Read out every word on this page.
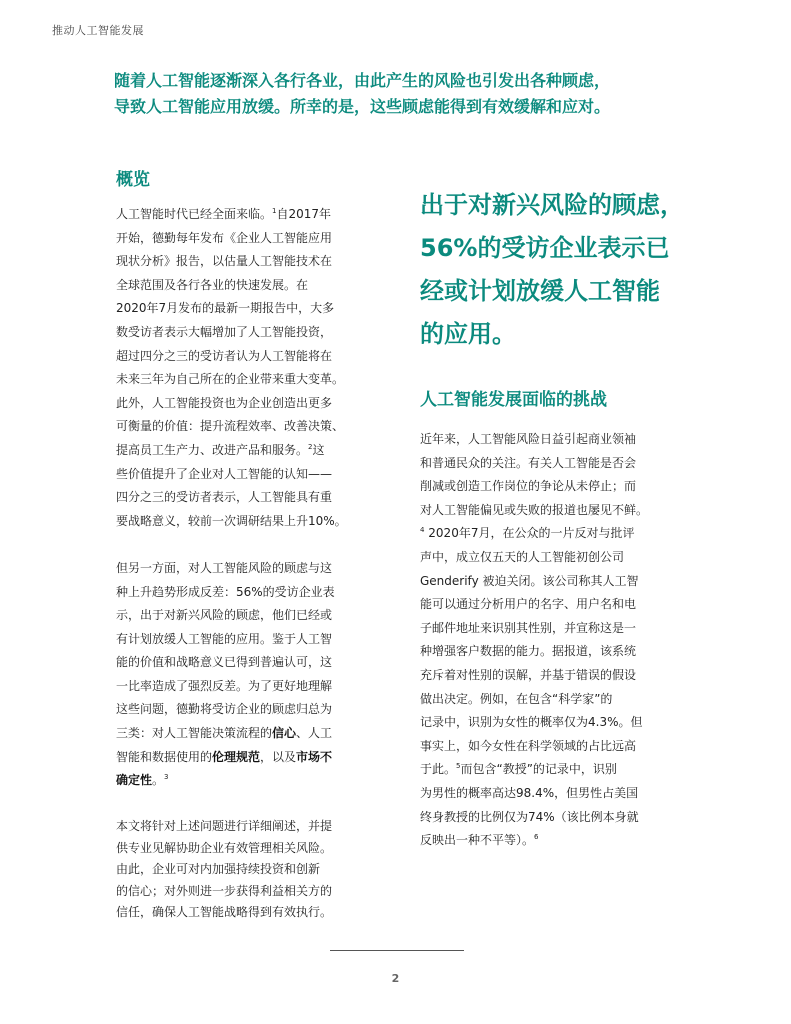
推动人工智能发展
随着人工智能逐渐深入各行各业，由此产生的风险也引发出各种顾虑，
导致人工智能应用放缓。所幸的是，这些顾虑能得到有效缓解和应对。
概览

人工智能时代已经全面来临。$^1$自2017年
开始，德勤每年发布《企业人工智能应用
现状分析》报告，以估量人工智能技术在
全球范围及各行各业的快速发展。在
2020年7月发布的最新一期报告中，大多
数受访者表示大幅增加了人工智能投资，
超过四分之三的受访者认为人工智能将在
未来三年为自己所在的企业带来重大变革。
此外，人工智能投资也为企业创造出更多
可衡量的价值：提升流程效率、改善决策、
提高员工生产力、改进产品和服务。$^2$这
些价值提升了企业对人工智能的认知——
四分之三的受访者表示，人工智能具有重
要战略意义，较前一次调研结果上升10%。

但另一方面，对人工智能风险的顾虑与这
种上升趋势形成反差：56%的受访企业表
示，出于对新兴风险的顾虑，他们已经或
有计划放缓人工智能的应用。鉴于人工智
能的价值和战略意义已得到普遍认可，这
一比率造成了强烈反差。为了更好地理解
这些问题，德勤将受访企业的顾虑归总为
三类：对人工智能决策流程的信心、人工
智能和数据使用的伦理规范，以及市场不
确定性。$^3$

本文将针对上述问题进行详细阐述，并提
供专业见解协助企业有效管理相关风险。
由此，企业可对内加强持续投资和创新
的信心；对外则进一步获得利益相关方的
信任，确保人工智能战略得到有效执行。

出于对新兴风险的顾虑，
56%的受访企业表示已
经或计划放缓人工智能
的应用。
人工智能发展面临的挑战

近年来，人工智能风险日益引起商业领袖
和普通民众的关注。有关人工智能是否会
削减或创造工作岗位的争论从未停止；而
对人工智能偏见或失败的报道也屡见不鲜。
$^4$ 2020年7月，在公众的一片反对与批评
声中，成立仅五天的人工智能初创公司
Genderify 被迫关闭。该公司称其人工智
能可以通过分析用户的名字、用户名和电
子邮件地址来识别其性别，并宣称这是一
种增强客户数据的能力。据报道，该系统
充斥着对性别的误解，并基于错误的假设
做出决定。例如，在包含“科学家”的
记录中，识别为女性的概率仅为4.3%。但
事实上，如今女性在科学领域的占比远高
于此。$^5$而包含“教授”的记录中，识别
为男性的概率高达98.4%，但男性占美国
终身教授的比例仅为74%（该比例本身就
反映出一种不平等）。$^6$

2
